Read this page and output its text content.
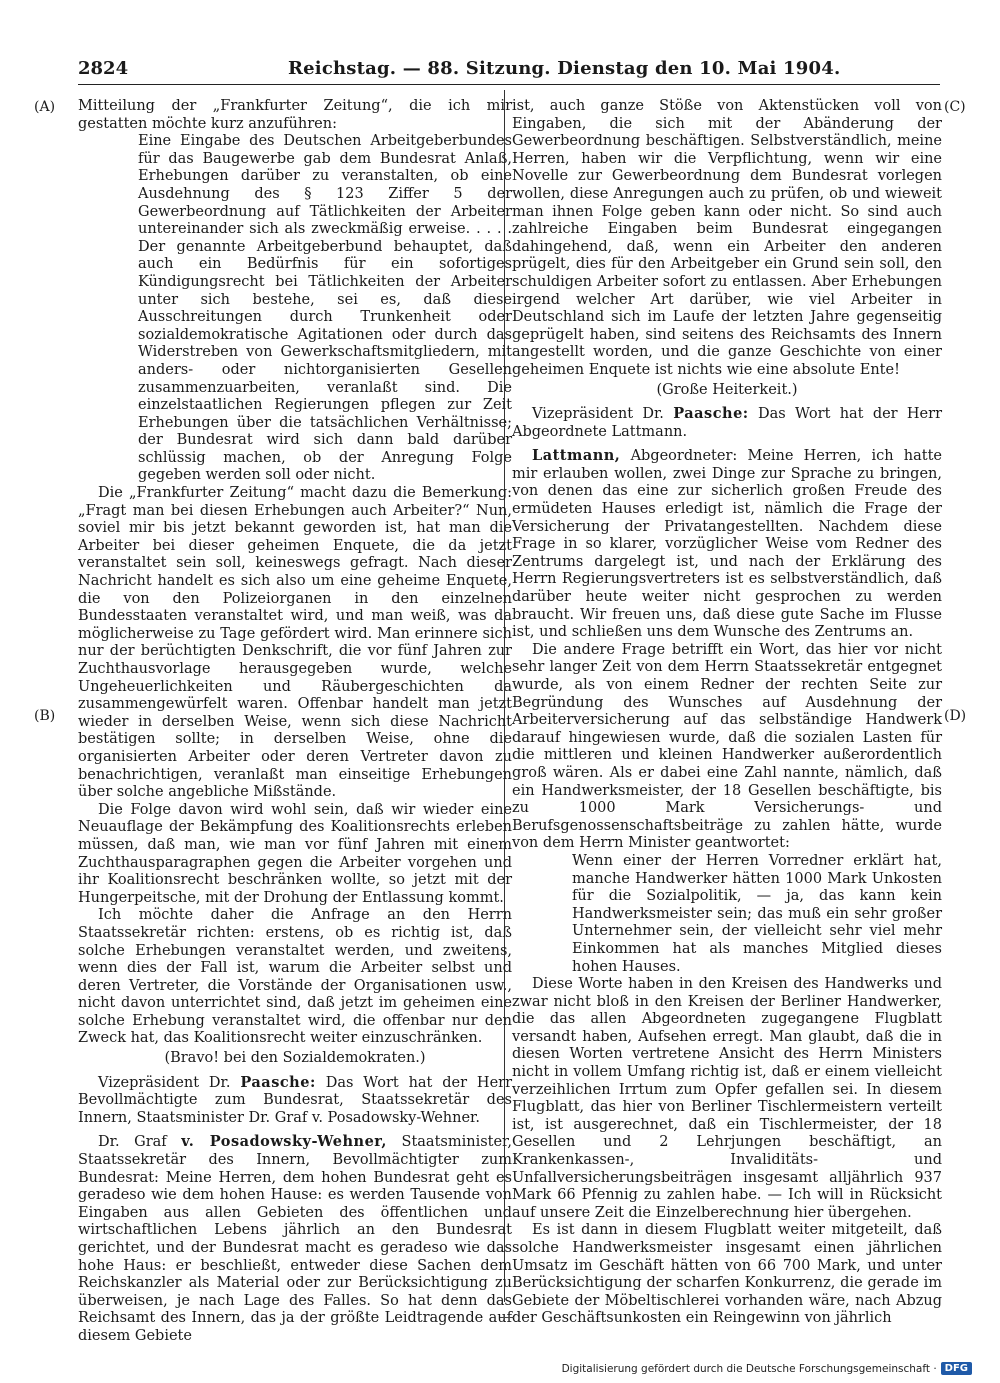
2824	Reichstag. — 88. Sitzung. Dienstag den 10. Mai 1904.
(A)
(B)
(C)
(D)

Mitteilung der „Frankfurter Zeitung“, die ich mir gestatten möchte kurz anzuführen:

Eine Eingabe des Deutschen Arbeitgeberbundes für das Baugewerbe gab dem Bundesrat Anlaß, Erhebungen darüber zu veranstalten, ob eine Ausdehnung des § 123 Ziffer 5 der Gewerbeordnung auf Tätlichkeiten der Arbeiter untereinander sich als zweckmäßig erweise. . . . . Der genannte Arbeitgeberbund behauptet, daß auch ein Bedürfnis für ein sofortiges Kündigungsrecht bei Tätlichkeiten der Arbeiter unter sich bestehe, sei es, daß diese Ausschreitungen durch Trunkenheit oder sozialdemokratische Agitationen oder durch das Widerstreben von Gewerkschaftsmitgliedern, mit anders- oder nichtorganisierten Gesellen zusammenzuarbeiten, veranlaßt sind. Die einzelstaatlichen Regierungen pflegen zur Zeit Erhebungen über die tatsächlichen Verhältnisse; der Bundesrat wird sich dann bald darüber schlüssig machen, ob der Anregung Folge gegeben werden soll oder nicht.

Die „Frankfurter Zeitung“ macht dazu die Bemerkung: „Fragt man bei diesen Erhebungen auch Arbeiter?“ Nun, soviel mir bis jetzt bekannt geworden ist, hat man die Arbeiter bei dieser geheimen Enquete, die da jetzt veranstaltet sein soll, keineswegs gefragt. Nach dieser Nachricht handelt es sich also um eine geheime Enquete, die von den Polizeiorganen in den einzelnen Bundesstaaten veranstaltet wird, und man weiß, was da möglicherweise zu Tage gefördert wird. Man erinnere sich nur der berüchtigten Denkschrift, die vor fünf Jahren zur Zuchthausvorlage herausgegeben wurde, welche Ungeheuerlichkeiten und Räubergeschichten da zusammengewürfelt waren. Offenbar handelt man jetzt wieder in derselben Weise, wenn sich diese Nachricht bestätigen sollte; in derselben Weise, ohne die organisierten Arbeiter oder deren Vertreter davon zu benachrichtigen, veranlaßt man einseitige Erhebungen über solche angebliche Mißstände.

Die Folge davon wird wohl sein, daß wir wieder eine Neuauflage der Bekämpfung des Koalitionsrechts erleben müssen, daß man, wie man vor fünf Jahren mit einem Zuchthausparagraphen gegen die Arbeiter vorgehen und ihr Koalitionsrecht beschränken wollte, so jetzt mit der Hungerpeitsche, mit der Drohung der Entlassung kommt.

Ich möchte daher die Anfrage an den Herrn Staatssekretär richten: erstens, ob es richtig ist, daß solche Erhebungen veranstaltet werden, und zweitens, wenn dies der Fall ist, warum die Arbeiter selbst und deren Vertreter, die Vorstände der Organisationen usw., nicht davon unterrichtet sind, daß jetzt im geheimen eine solche Erhebung veranstaltet wird, die offenbar nur den Zweck hat, das Koalitionsrecht weiter einzuschränken.

(Bravo! bei den Sozialdemokraten.)

Vizepräsident Dr. Paasche: Das Wort hat der Herr Bevollmächtigte zum Bundesrat, Staatssekretär des Innern, Staatsminister Dr. Graf v. Posadowsky-Wehner.

Dr. Graf v. Posadowsky-Wehner, Staatsminister, Staatssekretär des Innern, Bevollmächtigter zum Bundesrat: Meine Herren, dem hohen Bundesrat geht es geradeso wie dem hohen Hause: es werden Tausende von Eingaben aus allen Gebieten des öffentlichen und wirtschaftlichen Lebens jährlich an den Bundesrat gerichtet, und der Bundesrat macht es geradeso wie das hohe Haus: er beschließt, entweder diese Sachen dem Reichskanzler als Material oder zur Berücksichtigung zu überweisen, je nach Lage des Falles. So hat denn das Reichsamt des Innern, das ja der größte Leidtragende auf diesem Gebiete

ist, auch ganze Stöße von Aktenstücken voll von Eingaben, die sich mit der Abänderung der Gewerbeordnung beschäftigen. Selbstverständlich, meine Herren, haben wir die Verpflichtung, wenn wir eine Novelle zur Gewerbeordnung dem Bundesrat vorlegen wollen, diese Anregungen auch zu prüfen, ob und wieweit man ihnen Folge geben kann oder nicht. So sind auch zahlreiche Eingaben beim Bundesrat eingegangen dahingehend, daß, wenn ein Arbeiter den anderen prügelt, dies für den Arbeitgeber ein Grund sein soll, den schuldigen Arbeiter sofort zu entlassen. Aber Erhebungen irgend welcher Art darüber, wie viel Arbeiter in Deutschland sich im Laufe der letzten Jahre gegenseitig geprügelt haben, sind seitens des Reichsamts des Innern angestellt worden, und die ganze Geschichte von einer geheimen Enquete ist nichts wie eine absolute Ente!

(Große Heiterkeit.)

Vizepräsident Dr. Paasche: Das Wort hat der Herr Abgeordnete Lattmann.

Lattmann, Abgeordneter: Meine Herren, ich hatte mir erlauben wollen, zwei Dinge zur Sprache zu bringen, von denen das eine zur sicherlich großen Freude des ermüdeten Hauses erledigt ist, nämlich die Frage der Versicherung der Privatangestellten. Nachdem diese Frage in so klarer, vorzüglicher Weise vom Redner des Zentrums dargelegt ist, und nach der Erklärung des Herrn Regierungsvertreters ist es selbstverständlich, daß darüber heute weiter nicht gesprochen zu werden braucht. Wir freuen uns, daß diese gute Sache im Flusse ist, und schließen uns dem Wunsche des Zentrums an.

Die andere Frage betrifft ein Wort, das hier vor nicht sehr langer Zeit von dem Herrn Staatssekretär entgegnet wurde, als von einem Redner der rechten Seite zur Begründung des Wunsches auf Ausdehnung der Arbeiterversicherung auf das selbständige Handwerk darauf hingewiesen wurde, daß die sozialen Lasten für die mittleren und kleinen Handwerker außerordentlich groß wären. Als er dabei eine Zahl nannte, nämlich, daß ein Handwerksmeister, der 18 Gesellen beschäftigte, bis zu 1000 Mark Versicherungs- und Berufsgenossenschaftsbeiträge zu zahlen hätte, wurde von dem Herrn Minister geantwortet:

Wenn einer der Herren Vorredner erklärt hat, manche Handwerker hätten 1000 Mark Unkosten für die Sozialpolitik, — ja, das kann kein Handwerksmeister sein; das muß ein sehr großer Unternehmer sein, der vielleicht sehr viel mehr Einkommen hat als manches Mitglied dieses hohen Hauses.

Diese Worte haben in den Kreisen des Handwerks und zwar nicht bloß in den Kreisen der Berliner Handwerker, die das allen Abgeordneten zugegangene Flugblatt versandt haben, Aufsehen erregt. Man glaubt, daß die in diesen Worten vertretene Ansicht des Herrn Ministers nicht in vollem Umfang richtig ist, daß er einem vielleicht verzeihlichen Irrtum zum Opfer gefallen sei. In diesem Flugblatt, das hier von Berliner Tischlermeistern verteilt ist, ist ausgerechnet, daß ein Tischlermeister, der 18 Gesellen und 2 Lehrjungen beschäftigt, an Krankenkassen-, Invaliditäts- und Unfallversicherungsbeiträgen insgesamt alljährlich 937 Mark 66 Pfennig zu zahlen habe. — Ich will in Rücksicht auf unsere Zeit die Einzelberechnung hier übergehen.

Es ist dann in diesem Flugblatt weiter mitgeteilt, daß solche Handwerksmeister insgesamt einen jährlichen Umsatz im Geschäft hätten von 66 700 Mark, und unter Berücksichtigung der scharfen Konkurrenz, die gerade im Gebiete der Möbeltischlerei vorhanden wäre, nach Abzug der Geschäftsunkosten ein Reingewinn von jährlich

Digitalisierung gefördert durch die Deutsche Forschungsgemeinschaft · DFG
